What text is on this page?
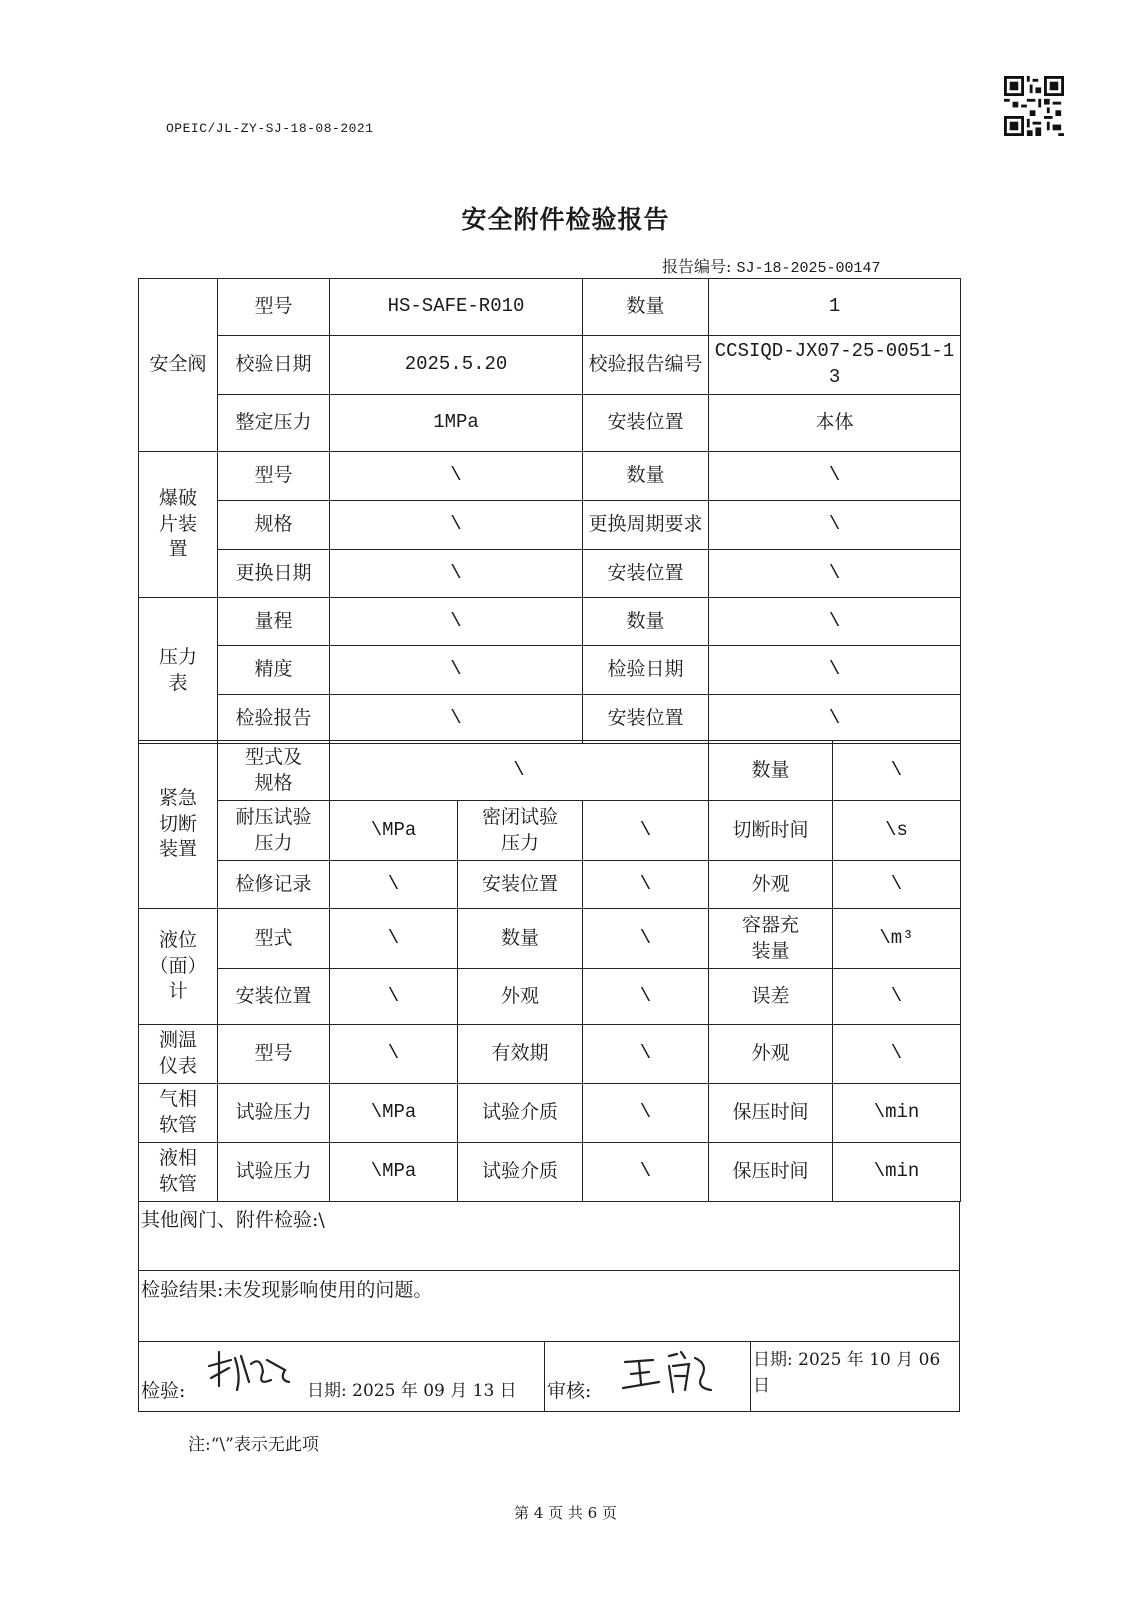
OPEIC/JL-ZY-SJ-18-08-2021
安全附件检验报告
报告编号: SJ-18-2025-00147
安全阀	型号	HS-SAFE-R010	数量	1
	校验日期	2025.5.20	校验报告编号	CCSIQD-JX07-25-0051-13

	整定压力	1MPa	安装位置	本体

爆破片装置	型号	\	数量	\
	规格	\	更换周期要求	\
	更换日期	\	安装位置	\

压力表	量程	\	数量	\
	精度	\	检验日期	\
	检验报告	\	安装位置	\
紧急切断装置	型式及规格	\			数量	\

	耐压试验压力	\MPa	密闭试验压力	\	切断时间	\s
	检修记录	\	安装位置	\	外观	\

液位（面）计	型式	\	数量	\	容器充装量	\m³
	安装位置	\	外观	\	误差	\

测温仪表	型号	\	有效期	\	外观	\

气相软管	试验压力	\MPa	试验介质	\	保压时间	\min

液相软管	试验压力	\MPa	试验介质	\	保压时间	\min
其他阀门、附件检验:\
检验结果:未发现影响使用的问题。
检验:	日期: 2025 年 09 月 13 日 审核:
日期: 2025 年 10 月 06 日
注:“\”表示无此项
第 4 页 共 6 页
